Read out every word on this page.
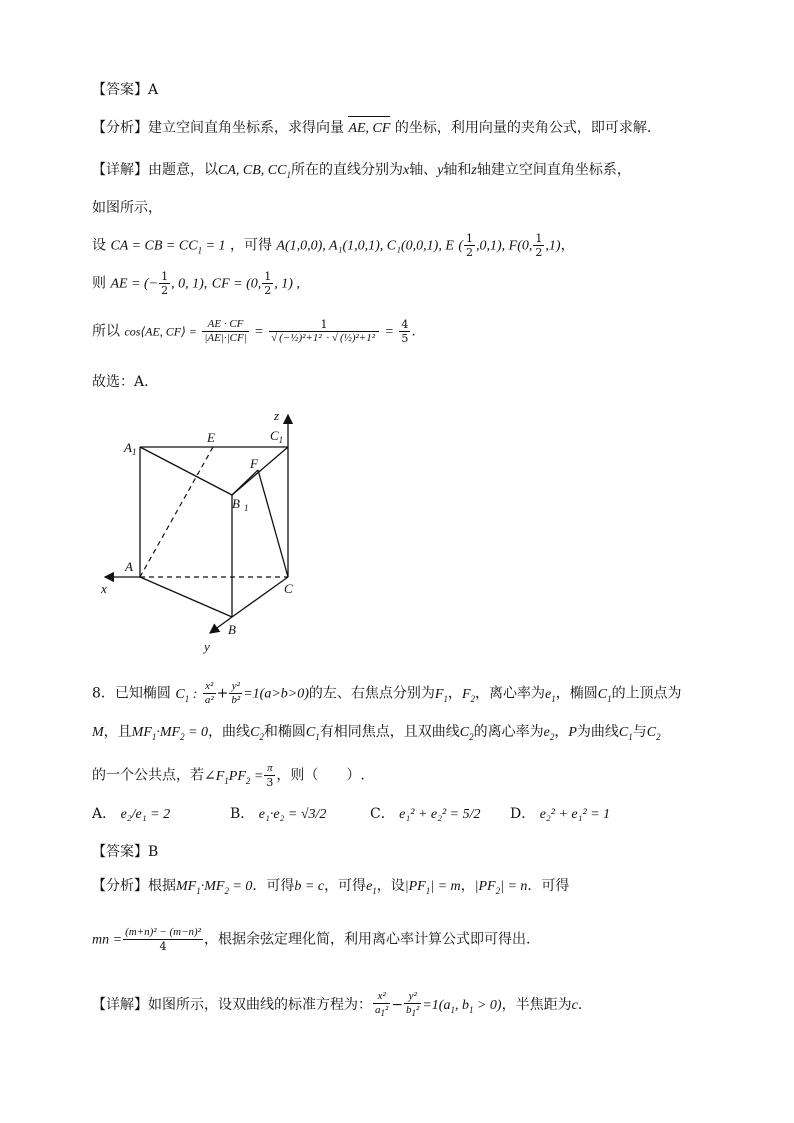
【答案】A
【分析】建立空间直角坐标系，求得向量 AE, CF 的坐标，利用向量的夹角公式，即可求解.
【详解】由题意，以CA, CB, $CC_1$所在的直线分别为x轴、y轴和z轴建立空间直角坐标系，
如图所示，
设 CA = CB = $CC_1 = 1$ ，可得 A(1,0,0), A₁(1,0,1), C₁(0,0,1), E ( $\frac{1}{2} ,0,1$), F(0, $\frac{1}{2} ,1$)，
则 AE = (− $\frac{1}{2}$ , 0, 1), CF = (0, $\frac{1}{2}$ , 1) ,
所以 cos⟨AE, CF⟩ = $\frac{AE \cdot CF}{|AE|\cdot|CF|} = \frac{1}{\text{√ (−½)²+1² · √ (½)²+1²}} = \frac{4}{5}$ .
故选：A.
z
x
y
$A_1$
E	$C_1$
F
B $_1$
A
C
B
8．已知椭圆 $C_1$ : $\frac{\text{x²}}{\text{a²}} + \frac{\text{y²}}{\text{b²}} =1(a>b>0)$的左、右焦点分别为$F_1$，$F_2$，离心率为$e_1$，椭圆$C_1$的上顶点为
M，且$MF_1\cdot MF_2 = 0$，曲线$C_2$和椭圆$C_1$有相同焦点，且双曲线$C_2$的离心率为$e_2$，P为曲线$C_1$与$C_2$
的一个公共点，若$\angle F_1PF_2 = \frac{\pi}{3}$ ，则（　　）.
A． e₂/e₁ = 2	B． e₁·e₂ = √3/2	C． e₁² + e₂² = 5/2 D． e₂² + e₁² = 1
【答案】B
【分析】根据$MF_1\cdot MF_2 = 0$．可得b = c，可得$e_1$，设$|PF_1| = m$，$|PF_2| = n$．可得
mn = $\frac{\text{(m+n)² − (m−n)²}}{4}$ ，根据余弦定理化简，利用离心率计算公式即可得出.
【详解】如图所示，设双曲线的标准方程为： $\frac{\text{x²}}{a_1^2} - \frac{\text{y²}}{b_1^2} =1(a_1$, $b_1 > 0$)，半焦距为c.
